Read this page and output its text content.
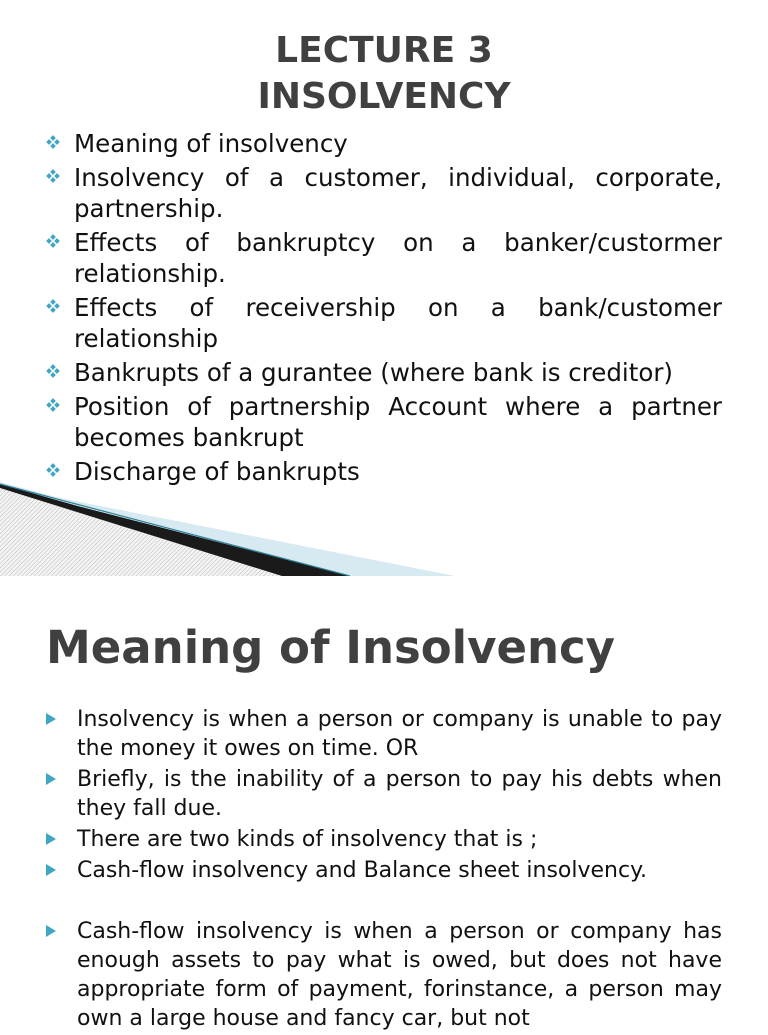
LECTURE 3
INSOLVENCY
Meaning of insolvency
Insolvency of a customer, individual, corporate, partnership.
Effects of bankruptcy on a banker/custormer relationship.
Effects of receivership on a bank/customer relationship
Bankrupts of a gurantee (where bank is creditor)
Position of partnership Account where a partner becomes bankrupt
Discharge of bankrupts
Meaning of Insolvency
Insolvency is when a person or company is unable to pay the money it owes on time. OR
Briefly, is the inability of a person to pay his debts when they fall due.
There are two kinds of insolvency that is ;
Cash-flow insolvency and Balance sheet insolvency.
Cash-flow insolvency is when a person or company has enough assets to pay what is owed, but does not have appropriate form of payment, forinstance, a person may own a large house and fancy car, but not
